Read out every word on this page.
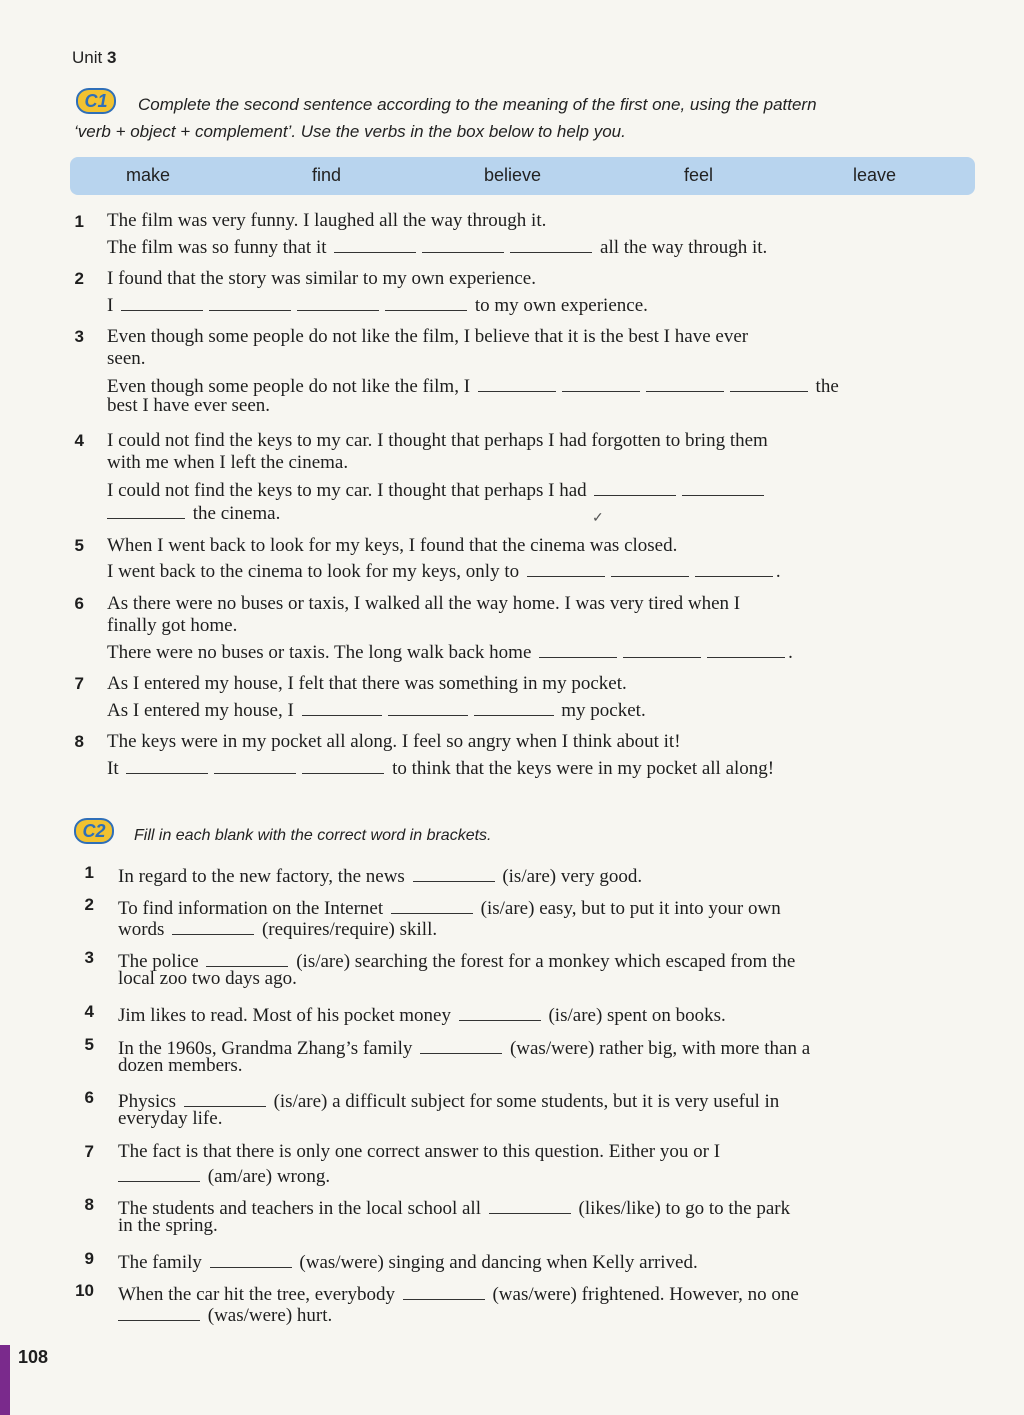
Unit 3
C1	Complete the second sentence according to the meaning of the first one, using the pattern
‘verb + object + complement’. Use the verbs in the box below to help you.
make	find	believe	feel	leave
1 The film was very funny. I laughed all the way through it.
The film was so funny that it	all the way through it.
2 I found that the story was similar to my own experience.
I	to my own experience.
3 Even though some people do not like the film, I believe that it is the best I have ever
seen.
Even though some people do not like the film, I	the
best I have ever seen.
4 I could not find the keys to my car. I thought that perhaps I had forgotten to bring them
with me when I left the cinema.
I could not find the keys to my car. I thought that perhaps I had
the cinema.	✓
5 When I went back to look for my keys, I found that the cinema was closed.
I went back to the cinema to look for my keys, only to	.
6 As there were no buses or taxis, I walked all the way home. I was very tired when I
finally got home.
There were no buses or taxis. The long walk back home	.
7 As I entered my house, I felt that there was something in my pocket.
As I entered my house, I	my pocket.
8 The keys were in my pocket all along. I feel so angry when I think about it!
It	to think that the keys were in my pocket all along!
C2	Fill in each blank with the correct word in brackets.
1 In regard to the new factory, the news	(is/are) very good.
2 To find information on the Internet	(is/are) easy, but to put it into your own
words	(requires/require) skill.
3 The police	(is/are) searching the forest for a monkey which escaped from the
local zoo two days ago.
4 Jim likes to read. Most of his pocket money	(is/are) spent on books.
5 In the 1960s, Grandma Zhang’s family	(was/were) rather big, with more than a
dozen members.
6 Physics	(is/are) a difficult subject for some students, but it is very useful in
everyday life.
7 The fact is that there is only one correct answer to this question. Either you or I
(am/are) wrong.
8 The students and teachers in the local school all	(likes/like) to go to the park
in the spring.
9 The family	(was/were) singing and dancing when Kelly arrived.
10 When the car hit the tree, everybody	(was/were) frightened. However, no one
(was/were) hurt.
108
